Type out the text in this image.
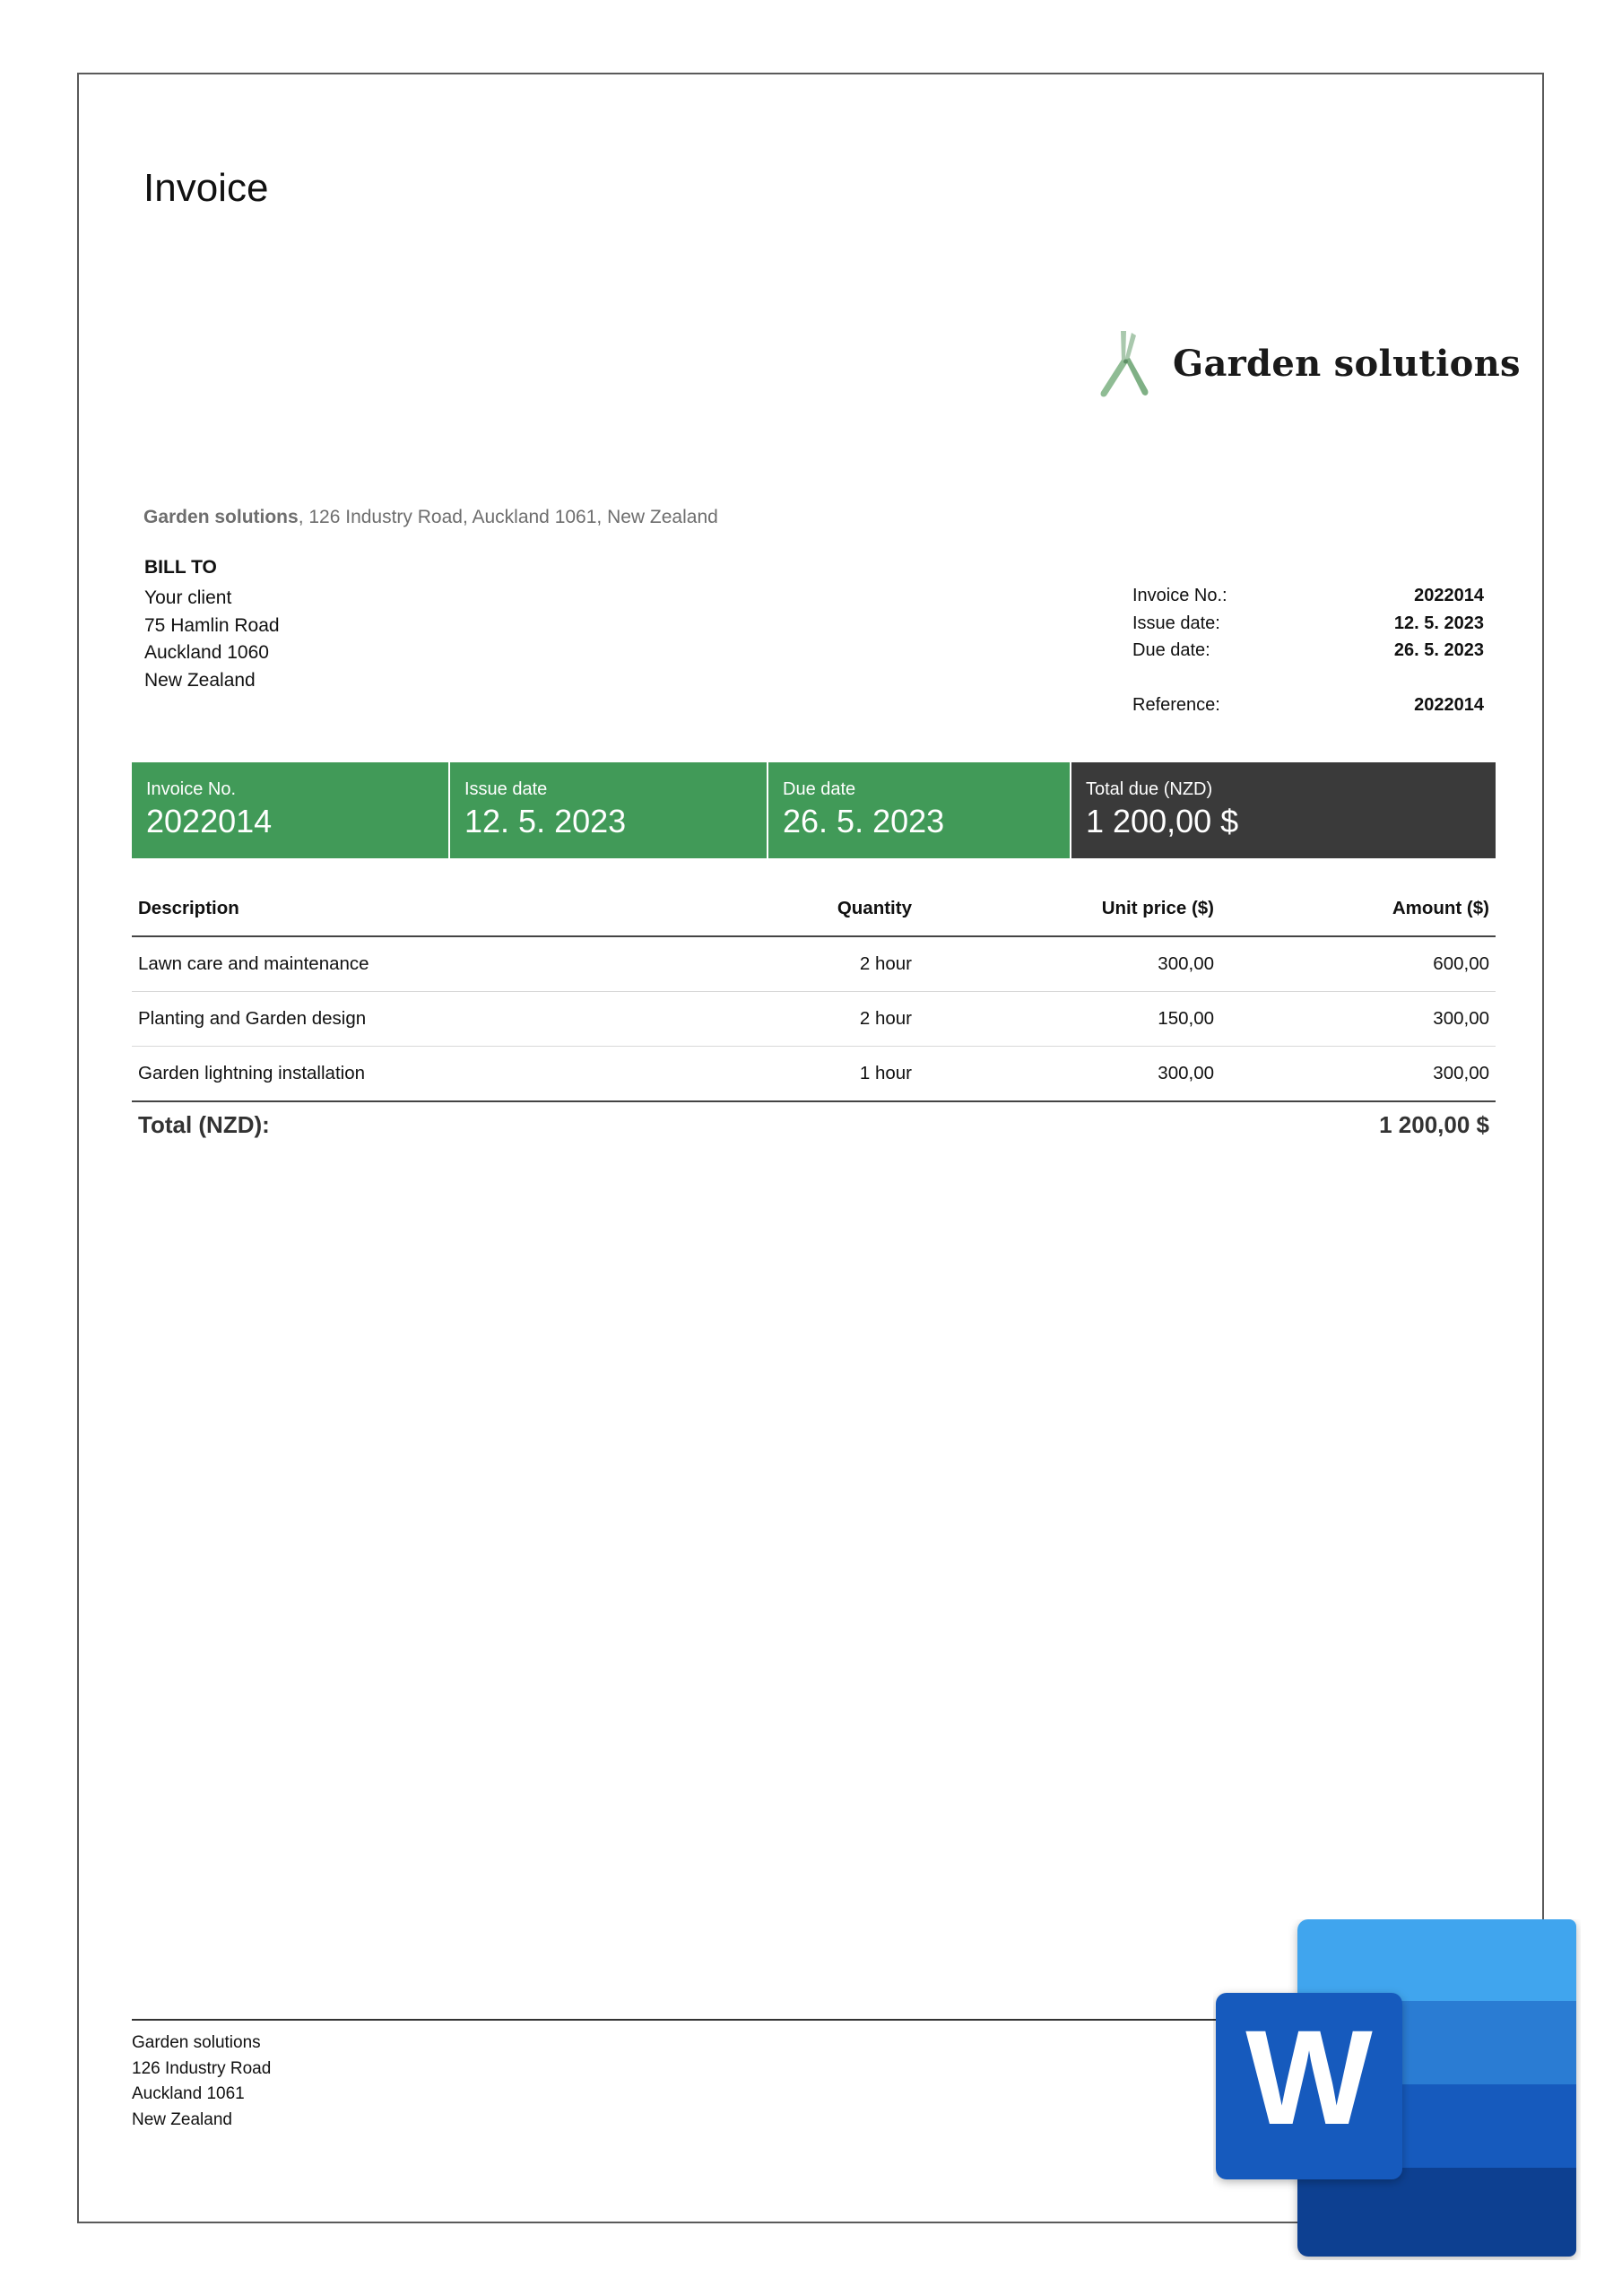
Invoice
Garden solutions
Garden solutions, 126 Industry Road, Auckland 1061, New Zealand
BILL TO
Your client
75 Hamlin Road
Auckland 1060
New Zealand
Invoice No.:	2022014
Issue date:	12. 5. 2023
Due date:	26. 5. 2023
Reference:	2022014
Invoice No.
2022014
Issue date
12. 5. 2023
Due date
26. 5. 2023
Total due (NZD)
1 200,00 $
Description	Quantity	Unit price ($)	Amount ($)
Lawn care and maintenance	2 hour	300,00	600,00
Planting and Garden design	2 hour	150,00	300,00
Garden lightning installation	1 hour	300,00	300,00
Total (NZD):	1 200,00 $
Garden solutions
126 Industry Road
Auckland 1061
New Zealand	W
